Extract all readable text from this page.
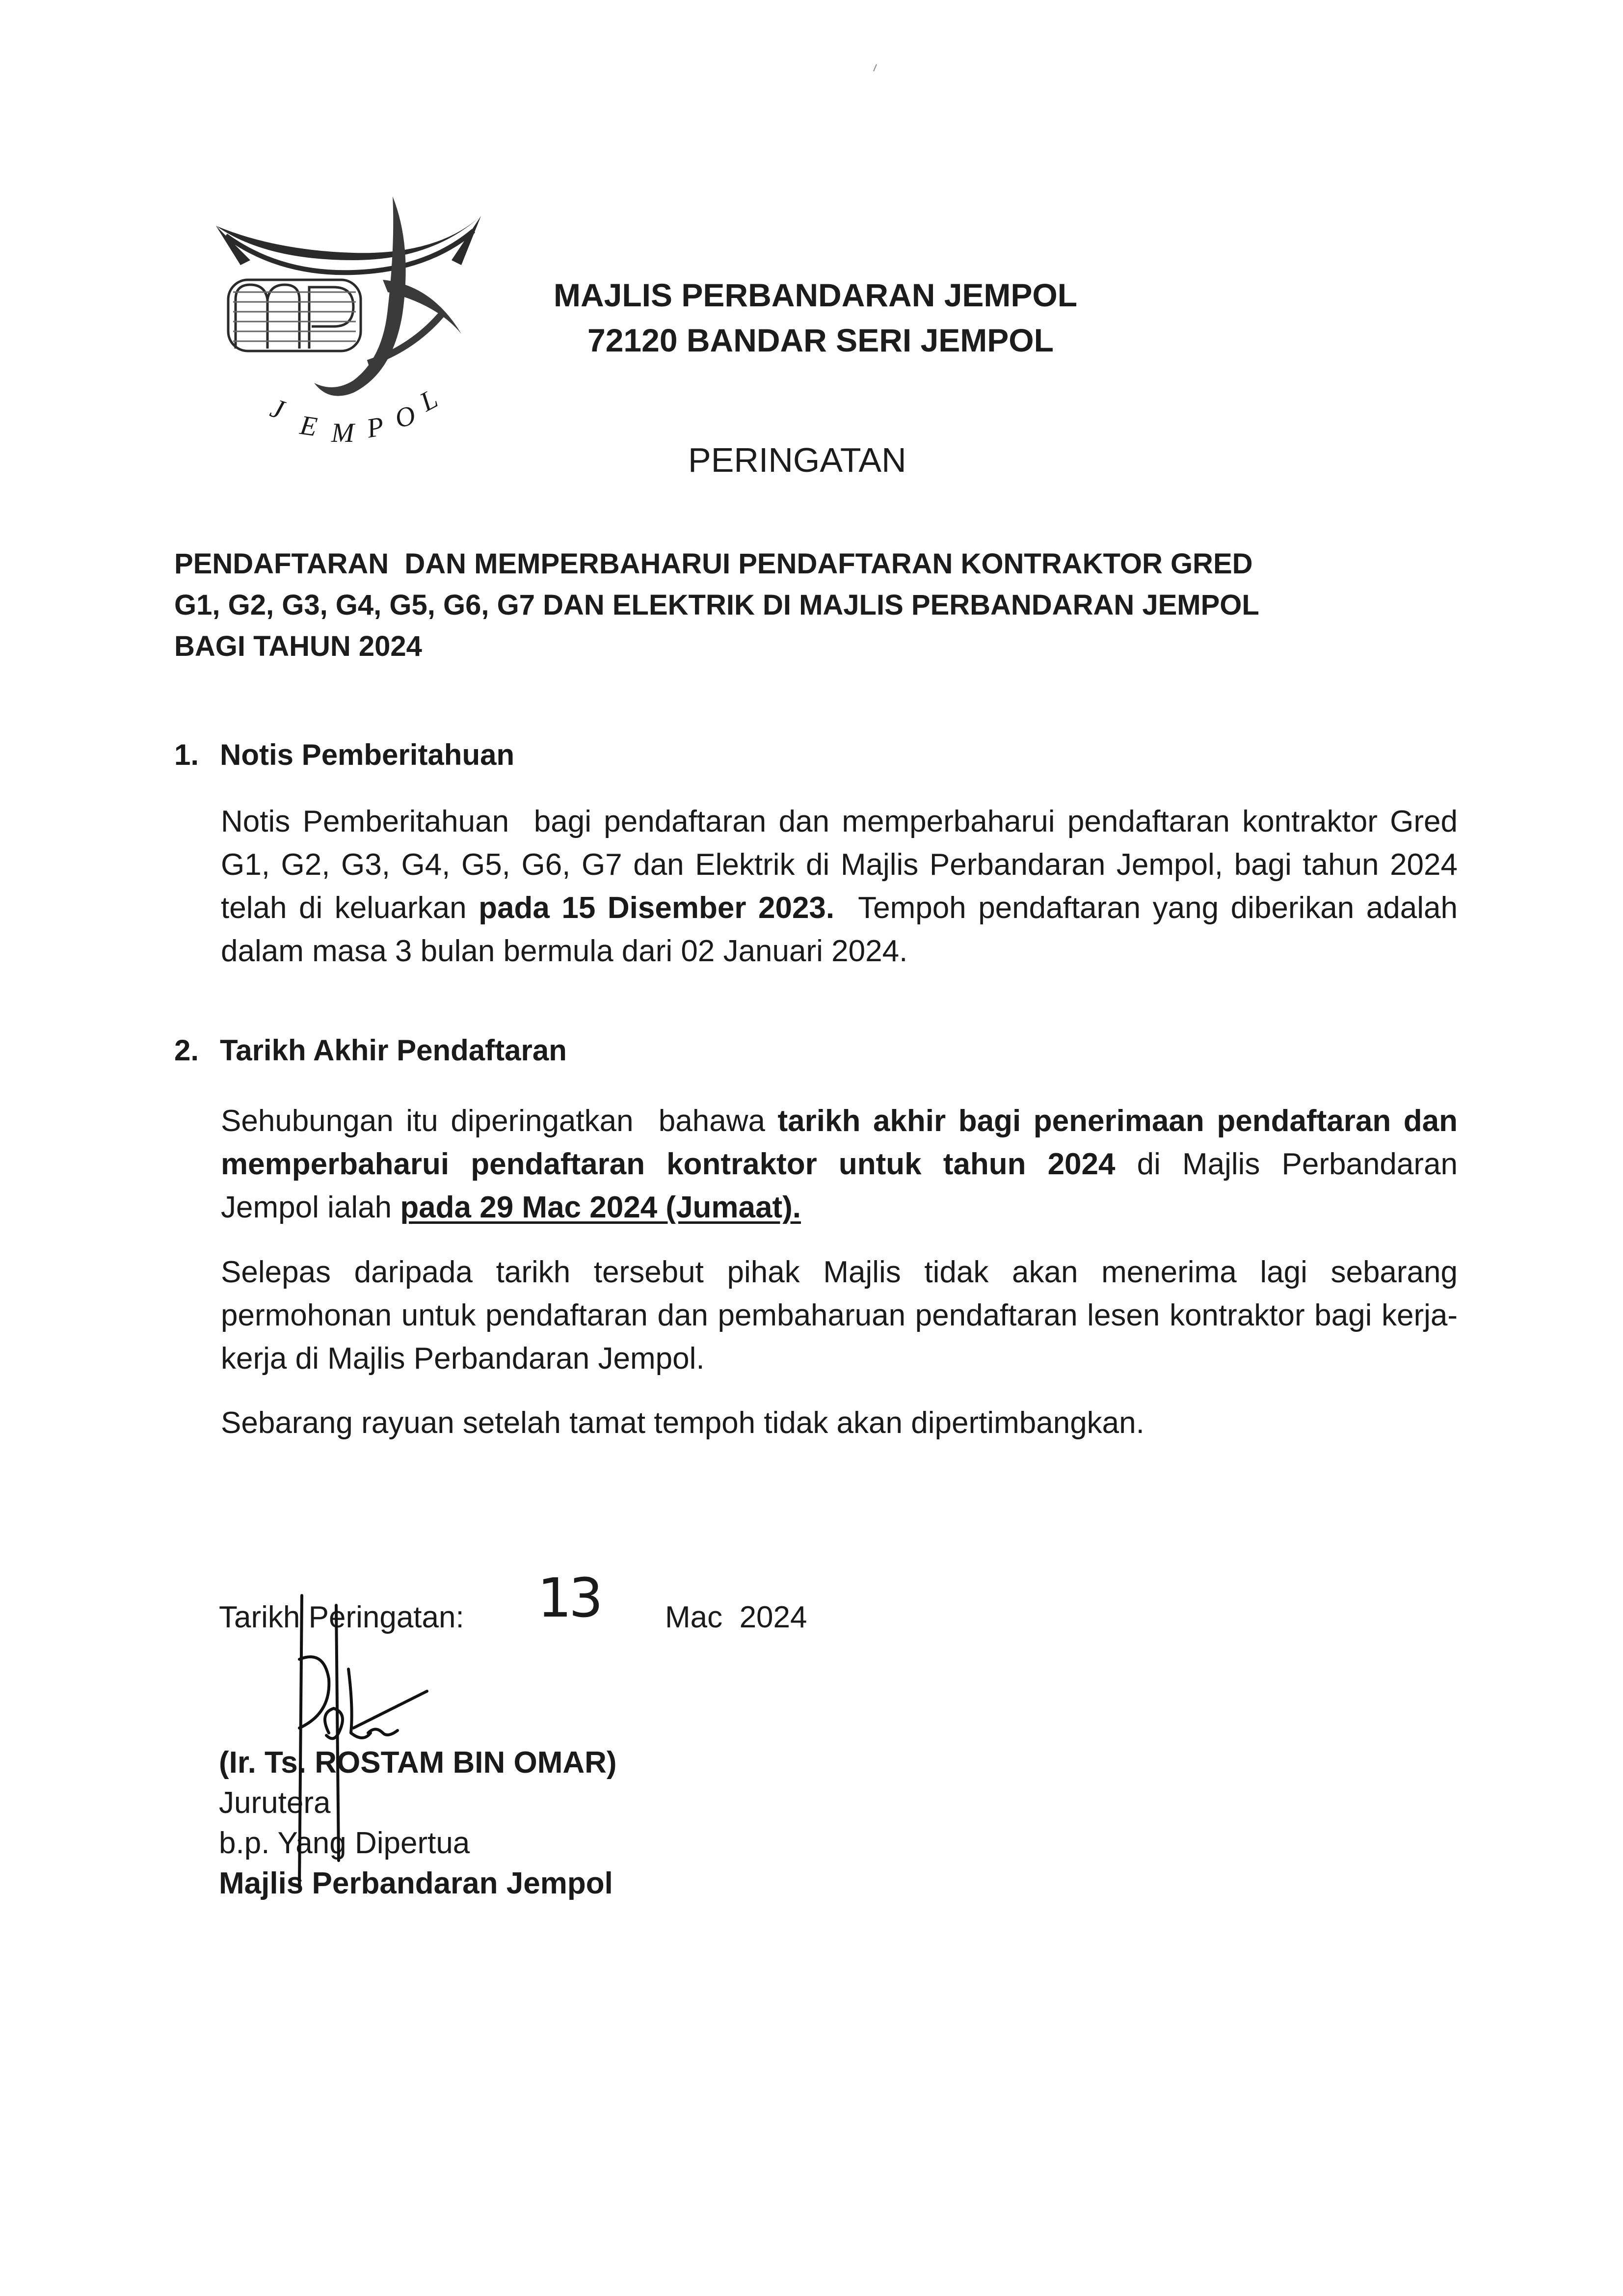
J
E M P O
L
MAJLIS PERBANDARAN JEMPOL
72120 BANDAR SERI JEMPOL
PERINGATAN
PENDAFTARAN  DAN MEMPERBAHARUI PENDAFTARAN KONTRAKTOR GRED
G1, G2, G3, G4, G5, G6, G7 DAN ELEKTRIK DI MAJLIS PERBANDARAN JEMPOL
BAGI TAHUN 2024
1. Notis Pemberitahuan
Notis Pemberitahuan  bagi pendaftaran dan memperbaharui pendaftaran kontraktor Gred G1, G2, G3, G4, G5, G6, G7 dan Elektrik di Majlis Perbandaran Jempol, bagi tahun 2024 telah di keluarkan pada 15 Disember 2023.  Tempoh pendaftaran yang diberikan adalah dalam masa 3 bulan bermula dari 02 Januari 2024.
2. Tarikh Akhir Pendaftaran
Sehubungan itu diperingatkan  bahawa tarikh akhir bagi penerimaan pendaftaran dan memperbaharui pendaftaran kontraktor untuk tahun 2024 di Majlis Perbandaran  Jempol ialah pada 29 Mac 2024 (Jumaat).
Selepas daripada tarikh tersebut pihak Majlis tidak akan menerima lagi sebarang permohonan untuk pendaftaran dan pembaharuan pendaftaran lesen kontraktor bagi kerja-kerja di Majlis Perbandaran Jempol.
Sebarang rayuan setelah tamat tempoh tidak akan dipertimbangkan.
Tarikh Peringatan: 13 Mac  2024
(Ir. Ts. ROSTAM BIN OMAR)
Jurutera
b.p. Yang Dipertua
Majlis Perbandaran Jempol
